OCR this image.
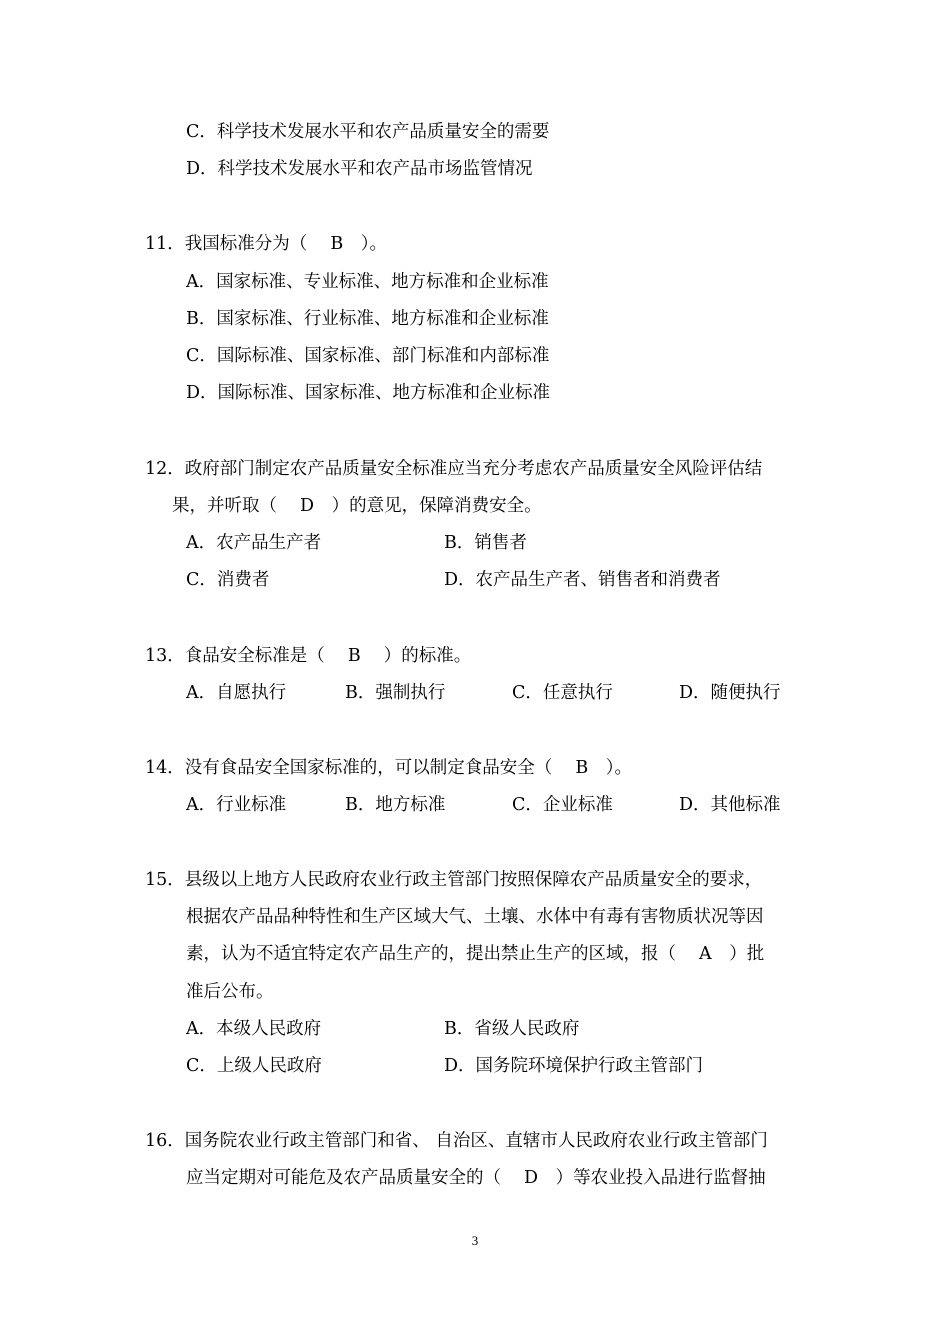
C．科学技术发展水平和农产品质量安全的需要
D．科学技术发展水平和农产品市场监管情况
11．我国标准分为（　 B　）。
A．国家标准、专业标准、地方标准和企业标准
B．国家标准、行业标准、地方标准和企业标准
C．国际标准、国家标准、部门标准和内部标准
D．国际标准、国家标准、地方标准和企业标准
12．政府部门制定农产品质量安全标准应当充分考虑农产品质量安全风险评估结
果，并听取（　 D　）的意见，保障消费安全。
A．农产品生产者	B．销售者
C．消费者	D．农产品生产者、销售者和消费者
13．食品安全标准是（　 B　 ）的标准。
A．自愿执行	B．强制执行	C．任意执行	D．随便执行
14．没有食品安全国家标准的，可以制定食品安全（　 B　）。
A．行业标准	B．地方标准	C．企业标准	D．其他标准
15．县级以上地方人民政府农业行政主管部门按照保障农产品质量安全的要求，
根据农产品品种特性和生产区域大气、土壤、水体中有毒有害物质状况等因
素，认为不适宜特定农产品生产的，提出禁止生产的区域，报（　 A　）批
准后公布。
A．本级人民政府	B．省级人民政府
C．上级人民政府	D．国务院环境保护行政主管部门
16．国务院农业行政主管部门和省、 自治区、直辖市人民政府农业行政主管部门
应当定期对可能危及农产品质量安全的（　 D　）等农业投入品进行监督抽
3
